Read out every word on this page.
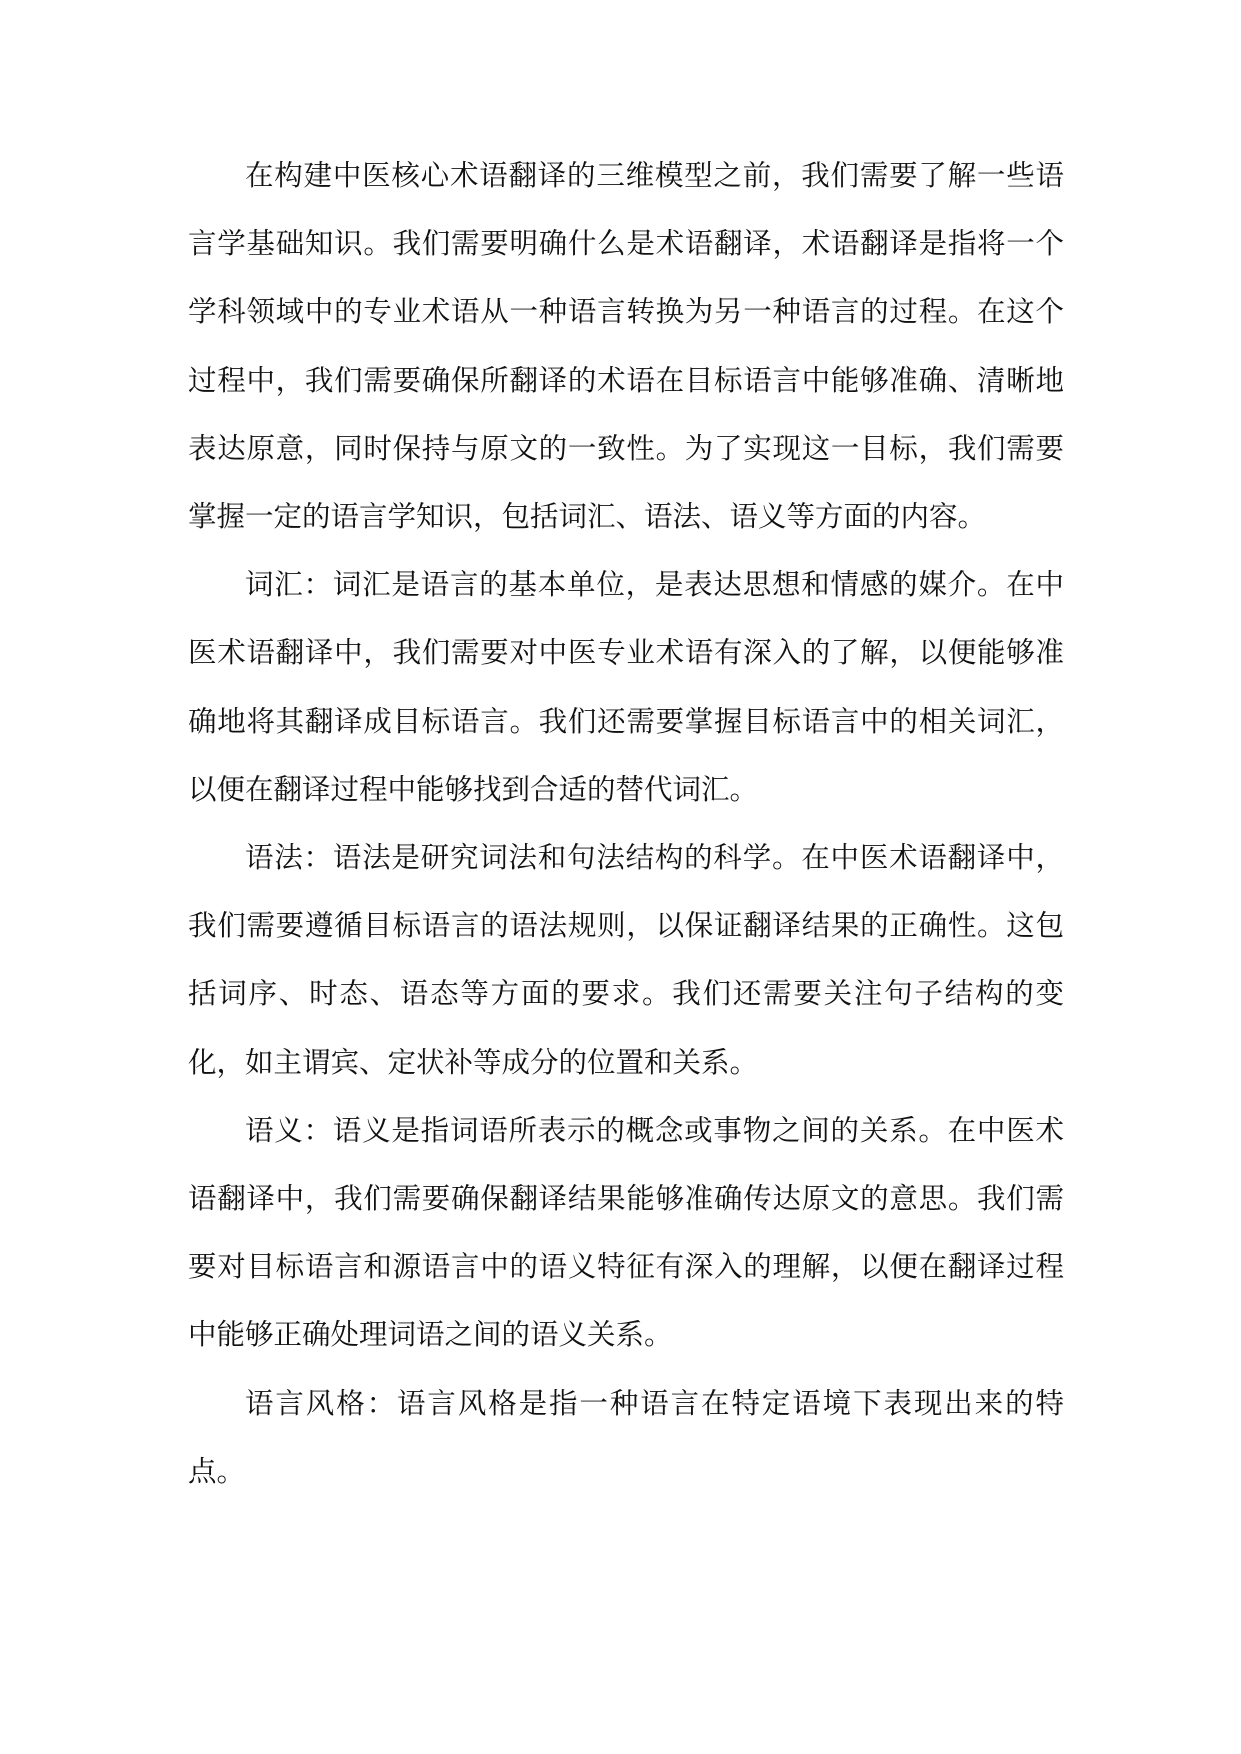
在构建中医核心术语翻译的三维模型之前，我们需要了解一些语言学基础知识。我们需要明确什么是术语翻译，术语翻译是指将一个学科领域中的专业术语从一种语言转换为另一种语言的过程。在这个过程中，我们需要确保所翻译的术语在目标语言中能够准确、清晰地表达原意，同时保持与原文的一致性。为了实现这一目标，我们需要掌握一定的语言学知识，包括词汇、语法、语义等方面的内容。

词汇：词汇是语言的基本单位，是表达思想和情感的媒介。在中医术语翻译中，我们需要对中医专业术语有深入的了解，以便能够准确地将其翻译成目标语言。我们还需要掌握目标语言中的相关词汇，以便在翻译过程中能够找到合适的替代词汇。

语法：语法是研究词法和句法结构的科学。在中医术语翻译中，我们需要遵循目标语言的语法规则，以保证翻译结果的正确性。这包括词序、时态、语态等方面的要求。我们还需要关注句子结构的变化，如主谓宾、定状补等成分的位置和关系。

语义：语义是指词语所表示的概念或事物之间的关系。在中医术语翻译中，我们需要确保翻译结果能够准确传达原文的意思。我们需要对目标语言和源语言中的语义特征有深入的理解，以便在翻译过程中能够正确处理词语之间的语义关系。

语言风格：语言风格是指一种语言在特定语境下表现出来的特点。
